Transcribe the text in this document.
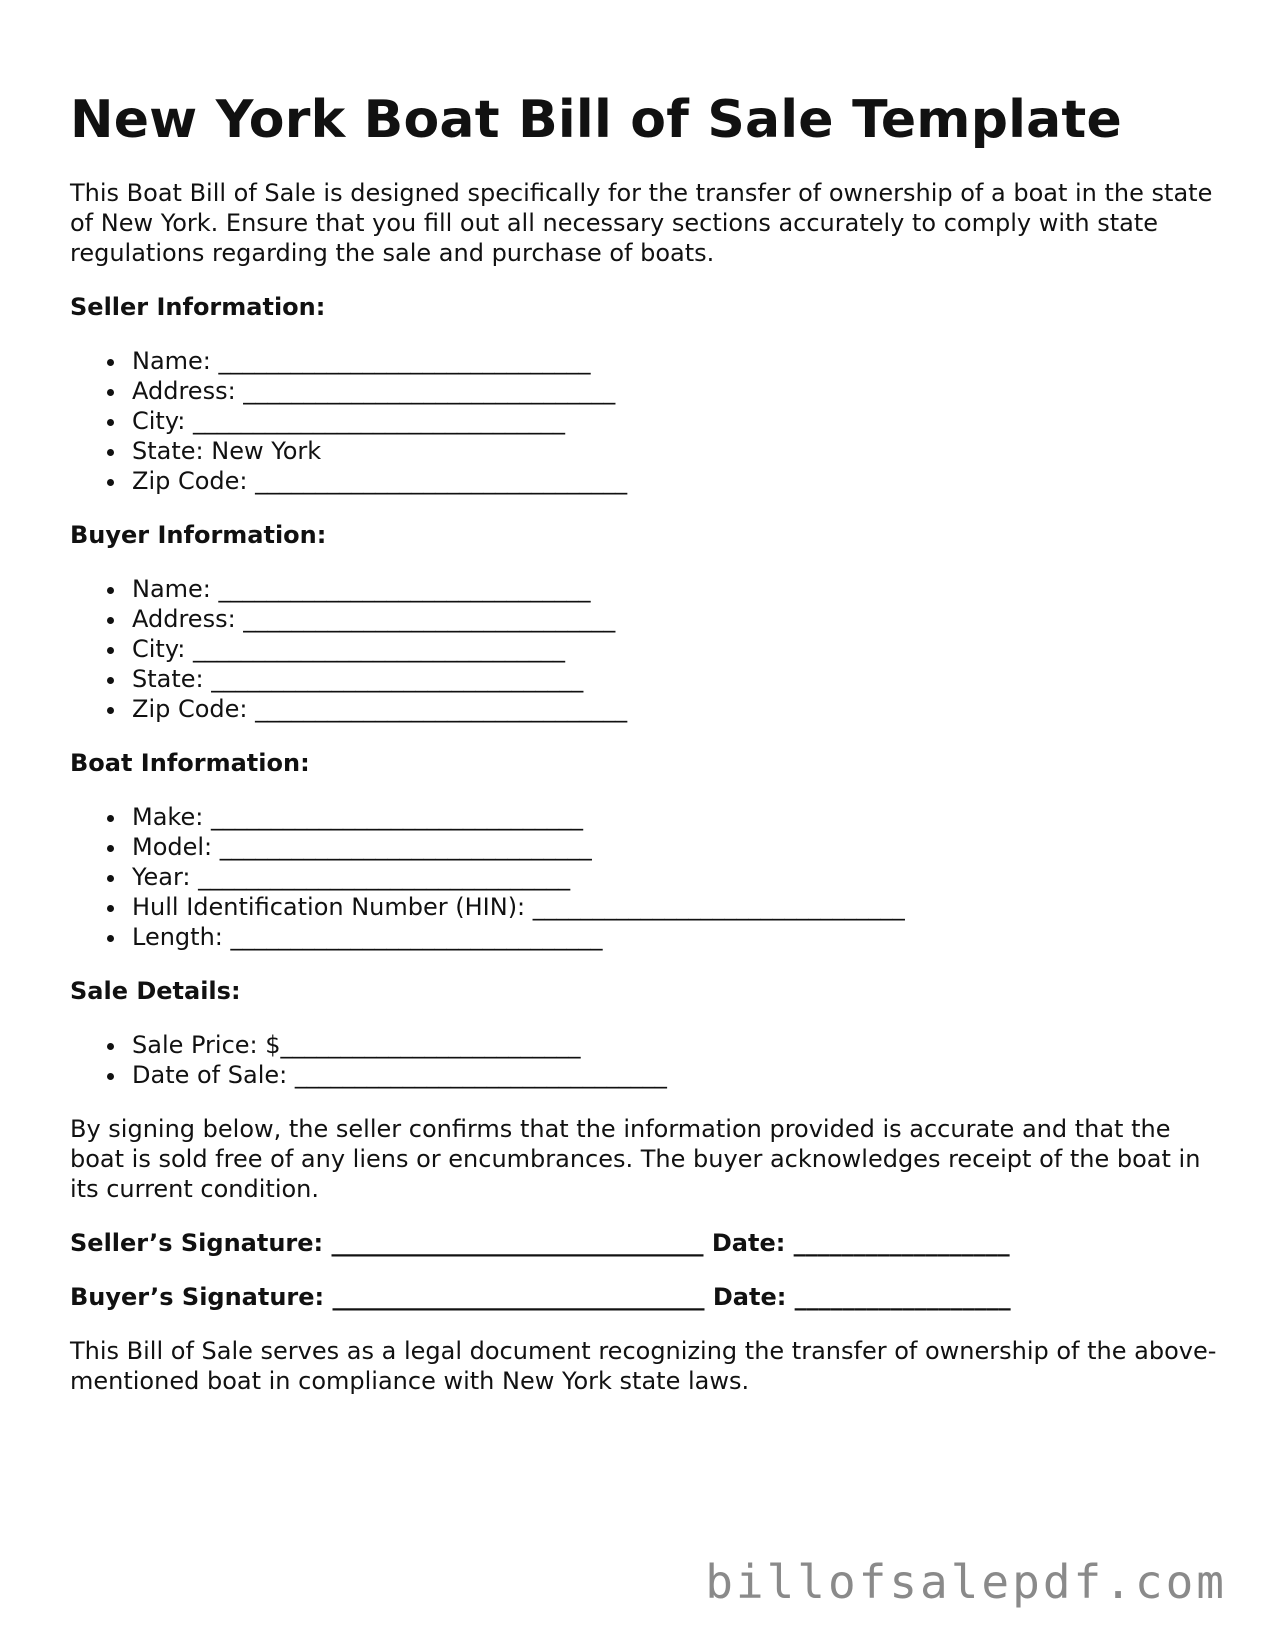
New York Boat Bill of Sale Template

This Boat Bill of Sale is designed specifically for the transfer of ownership of a boat in the state of New York. Ensure that you fill out all necessary sections accurately to comply with state regulations regarding the sale and purchase of boats.

Seller Information:
Name: _______________________________
Address: _______________________________
City: _______________________________
State: New York
Zip Code: _______________________________
Buyer Information:
Name: _______________________________
Address: _______________________________
City: _______________________________
State: _______________________________
Zip Code: _______________________________
Boat Information:
Make: _______________________________
Model: _______________________________
Year: _______________________________
Hull Identification Number (HIN): _______________________________
Length: _______________________________
Sale Details:
Sale Price: $_________________________
Date of Sale: _______________________________

By signing below, the seller confirms that the information provided is accurate and that the boat is sold free of any liens or encumbrances. The buyer acknowledges receipt of the boat in its current condition.

Seller’s Signature: _______________________________ Date: __________________
Buyer’s Signature: _______________________________ Date: __________________

This Bill of Sale serves as a legal document recognizing the transfer of ownership of the above-mentioned boat in compliance with New York state laws.

billofsalepdf.com
